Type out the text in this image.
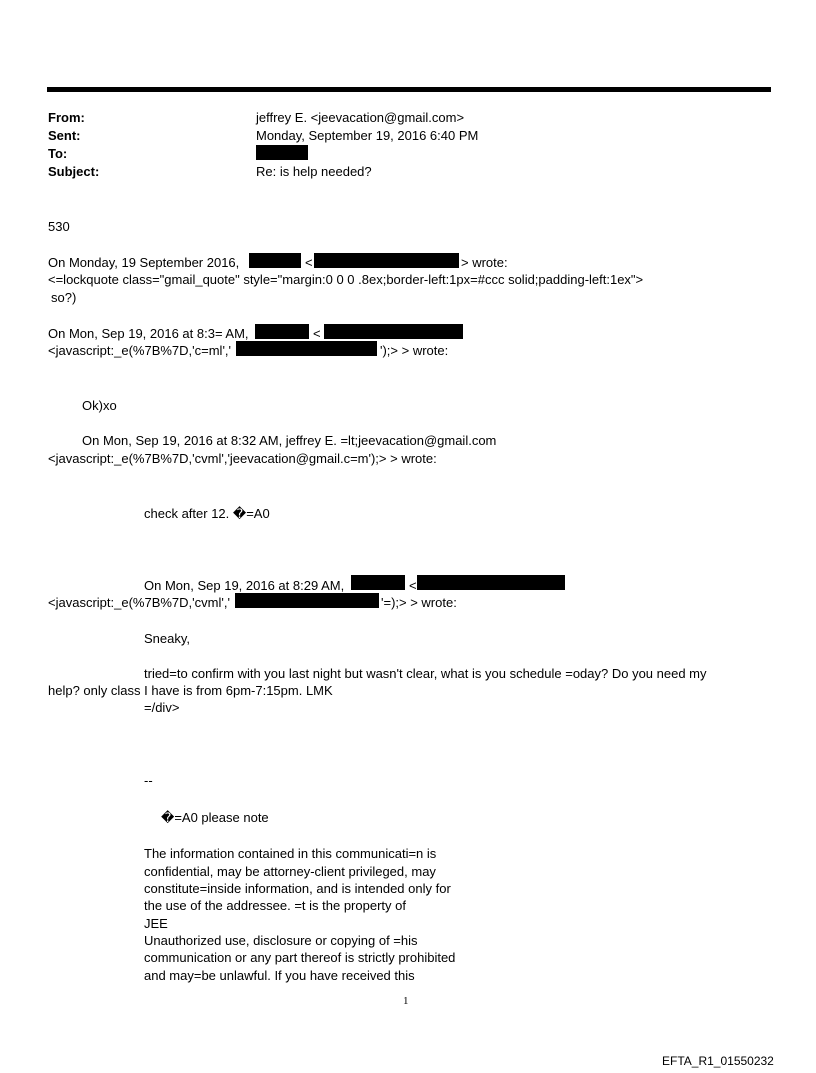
From:	jeffrey E. <jeevacation@gmail.com>
Sent:	Monday, September 19, 2016 6:40 PM
To:
Subject:	Re: is help needed?
530
On Monday, 19 September 2016,	<	> wrote:
<=lockquote class="gmail_quote" style="margin:0 0 0 .8ex;border-left:1px=#ccc solid;padding-left:1ex">
so?)
On Mon, Sep 19, 2016 at 8:3= AM,	<
<javascript:_e(%7B%7D,'c=ml','	');> > wrote:
Ok)xo
On Mon, Sep 19, 2016 at 8:32 AM, jeffrey E. =lt;jeevacation@gmail.com
<javascript:_e(%7B%7D,'cvml','jeevacation@gmail.c=m');> > wrote:
check after 12. �=A0
On Mon, Sep 19, 2016 at 8:29 AM,	<
<javascript:_e(%7B%7D,'cvml','	'=);> > wrote:
Sneaky,
tried=to confirm with you last night but wasn't clear, what is you schedule =oday? Do you need my
help? only class I have is from 6pm-7:15pm. LMK
=/div>
--
�=A0 please note
The information contained in this communicati=n is
confidential, may be attorney-client privileged, may
constitute=inside information, and is intended only for
the use of the addressee. =t is the property of
JEE
Unauthorized use, disclosure or copying of =his
communication or any part thereof is strictly prohibited
and may=be unlawful. If you have received this
1
EFTA_R1_01550232
